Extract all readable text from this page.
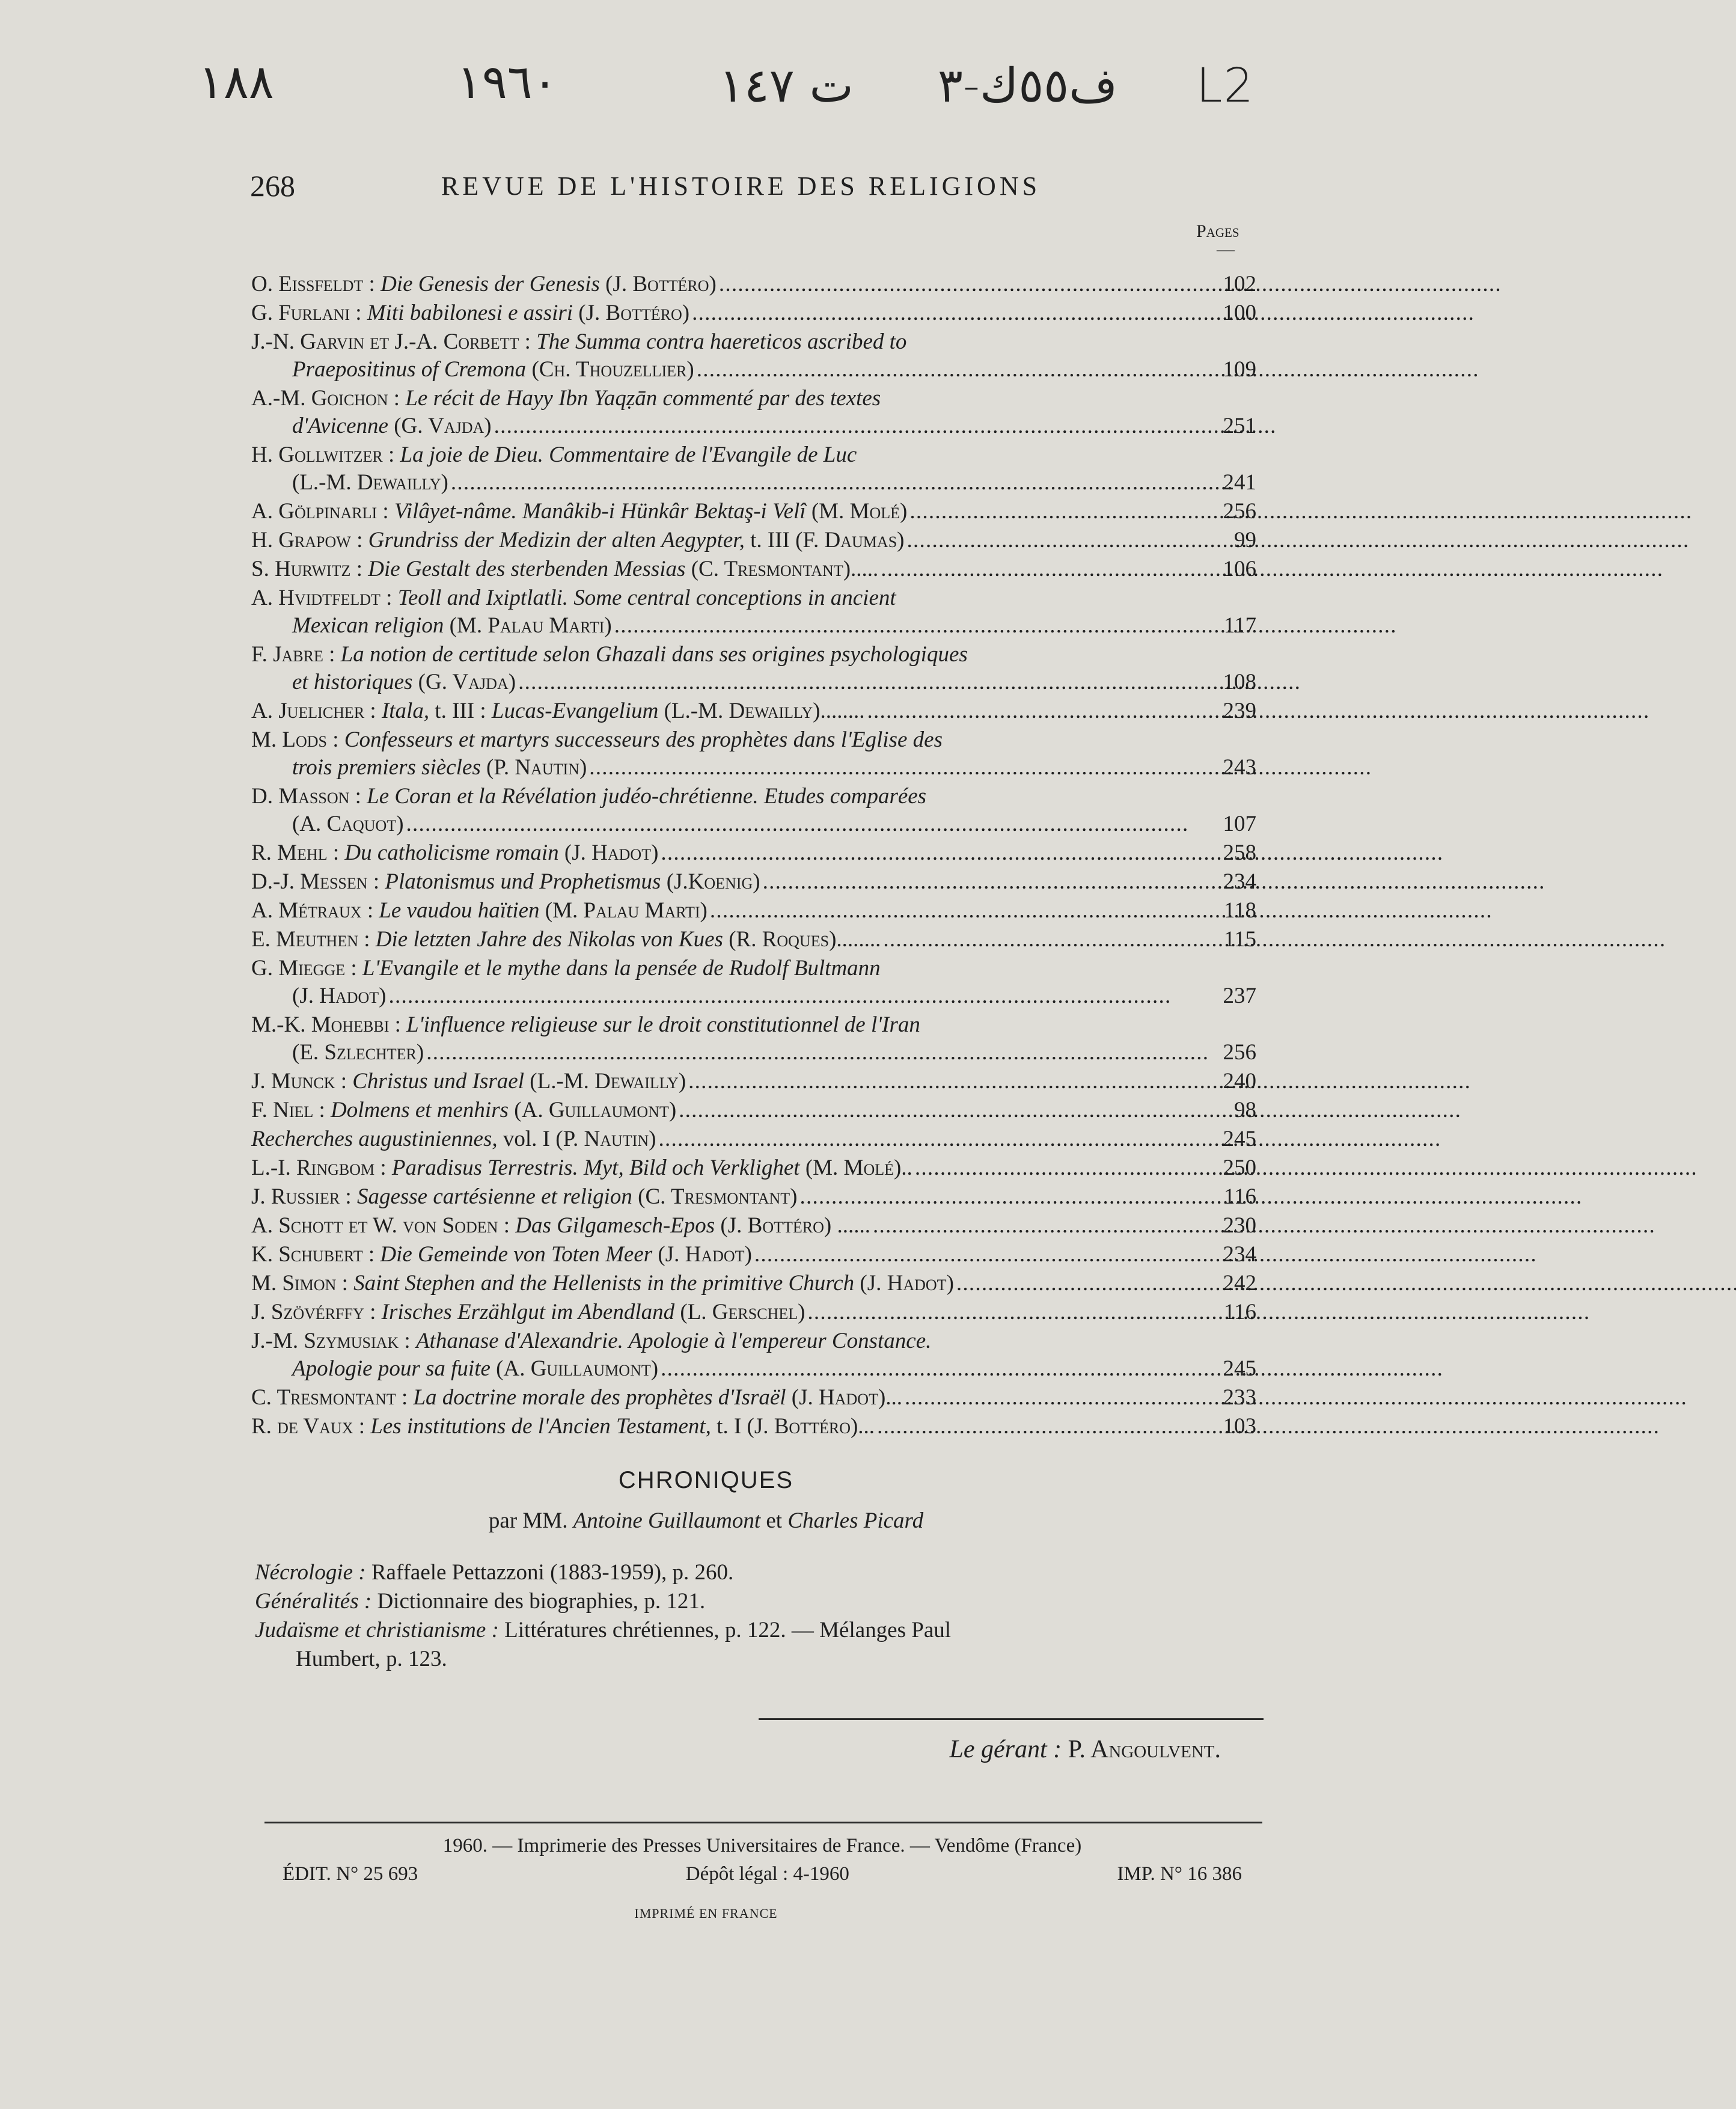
١٨٨	١٩٦٠	ت ١٤٧ ف٥٥ك-٣ L2
268	REVUE DE L'HISTOIRE DES RELIGIONS
Pages
—
O. Eissfeldt : Die Genesis der Genesis (J. Bottéro) . . .	102
G. Furlani : Miti babilonesi e assiri (J. Bottéro) . . .	100
J.-N. Garvin et J.-A. Corbett : The Summa contra haereticos ascribed to
Praepositinus of Cremona (Ch. Thouzellier) . . .	109
A.-M. Goichon : Le récit de Hayy Ibn Yaqẓān commenté par des textes
d'Avicenne (G. Vajda) . . .	251
H. Gollwitzer : La joie de Dieu. Commentaire de l'Evangile de Luc
(L.-M. Dewailly) . . .	241
A. Gölpinarli : Vilâyet-nâme. Manâkib-i Hünkâr Bektaş-i Velî (M. Molé) . . .	256
H. Grapow : Grundriss der Medizin der alten Aegypter, t. III (F. Daumas) . . .	99
S. Hurwitz : Die Gestalt des sterbenden Messias (C. Tresmontant)..... . . .	106
A. Hvidtfeldt : Teoll and Ixiptlatli. Some central conceptions in ancient
Mexican religion (M. Palau Marti) . . .	117
F. Jabre : La notion de certitude selon Ghazali dans ses origines psychologiques
et historiques (G. Vajda) . . .	108
A. Juelicher : Itala, t. III : Lucas-Evangelium (L.-M. Dewailly)........ . . .	239
M. Lods : Confesseurs et martyrs successeurs des prophètes dans l'Eglise des
trois premiers siècles (P. Nautin) . . .	243
D. Masson : Le Coran et la Révélation judéo-chrétienne. Etudes comparées
(A. Caquot) . . .	107
R. Mehl : Du catholicisme romain (J. Hadot) . . .	258
D.-J. Messen : Platonismus und Prophetismus (J.Koenig) . . .	234
A. Métraux : Le vaudou haïtien (M. Palau Marti) . . .	118
E. Meuthen : Die letzten Jahre des Nikolas von Kues (R. Roques)........ . . .	115
G. Miegge : L'Evangile et le mythe dans la pensée de Rudolf Bultmann
(J. Hadot) . . .	237
M.-K. Mohebbi : L'influence religieuse sur le droit constitutionnel de l'Iran
(E. Szlechter) . . .	256
J. Munck : Christus und Israel (L.-M. Dewailly) . . .	240
F. Niel : Dolmens et menhirs (A. Guillaumont) . . .	98
Recherches augustiniennes, vol. I (P. Nautin) . . .	245
L.-I. Ringbom : Paradisus Terrestris. Myt, Bild och Verklighet (M. Molé).. . . .	250
J. Russier : Sagesse cartésienne et religion (C. Tresmontant) . . .	116
A. Schott et W. von Soden : Das Gilgamesch-Epos (J. Bottéro) ...... . . .	230
K. Schubert : Die Gemeinde von Toten Meer (J. Hadot) . . .	234
M. Simon : Saint Stephen and the Hellenists in the primitive Church (J. Hadot) . . .	242
J. Szövérffy : Irisches Erzählgut im Abendland (L. Gerschel) . . .	116
J.-M. Szymusiak : Athanase d'Alexandrie. Apologie à l'empereur Constance.
Apologie pour sa fuite (A. Guillaumont) . . .	245
C. Tresmontant : La doctrine morale des prophètes d'Israël (J. Hadot)... . . .	233
R. de Vaux : Les institutions de l'Ancien Testament, t. I (J. Bottéro)... . . .	103
CHRONIQUES
par MM. Antoine Guillaumont et Charles Picard
Nécrologie : Raffaele Pettazzoni (1883-1959), p. 260.
Généralités : Dictionnaire des biographies, p. 121.
Judaïsme et christianisme : Littératures chrétiennes, p. 122. — Mélanges Paul
Humbert, p. 123.
Le gérant : P. Angoulvent.
1960. — Imprimerie des Presses Universitaires de France. — Vendôme (France)
ÉDIT. N° 25 693	Dépôt légal : 4-1960	IMP. N° 16 386
IMPRIMÉ EN FRANCE
